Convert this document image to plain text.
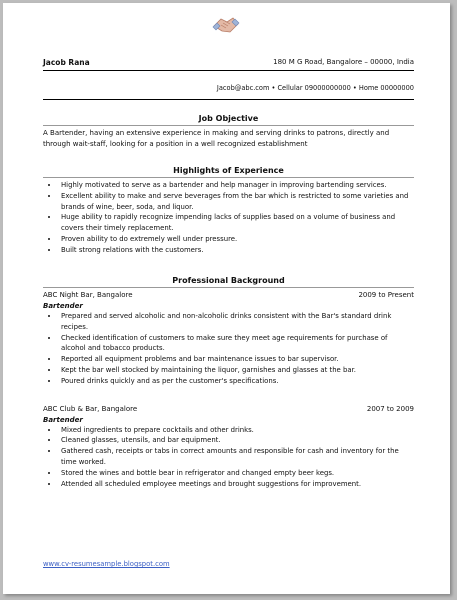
Jacob Rana	180 M G Road, Bangalore – 00000, India
Jacob@abc.com • Cellular 09000000000 • Home 00000000
Job Objective

A Bartender, having an extensive experience in making and serving drinks to patrons, directly and through wait-staff, looking for a position in a well recognized establishment

Highlights of Experience
• Highly motivated to serve as a bartender and help manager in improving bartending services.
• Excellent ability to make and serve beverages from the bar which is restricted to some varieties and brands of wine, beer, soda, and liquor.
• Huge ability to rapidly recognize impending lacks of supplies based on a volume of business and covers their timely replacement.
• Proven ability to do extremely well under pressure.
• Built strong relations with the customers.
Professional Background
ABC Night Bar, Bangalore	2009 to Present
Bartender
• Prepared and served alcoholic and non-alcoholic drinks consistent with the Bar's standard drink recipes.
• Checked identification of customers to make sure they meet age requirements for purchase of alcohol and tobacco products.
• Reported all equipment problems and bar maintenance issues to bar supervisor.
• Kept the bar well stocked by maintaining the liquor, garnishes and glasses at the bar.
• Poured drinks quickly and as per the customer's specifications.
ABC Club & Bar, Bangalore	2007 to 2009
Bartender
• Mixed ingredients to prepare cocktails and other drinks.
• Cleaned glasses, utensils, and bar equipment.
• Gathered cash, receipts or tabs in correct amounts and responsible for cash and inventory for the time worked.
• Stored the wines and bottle bear in refrigerator and changed empty beer kegs.
• Attended all scheduled employee meetings and brought suggestions for improvement.
www.cv-resumesample.blogspot.com
